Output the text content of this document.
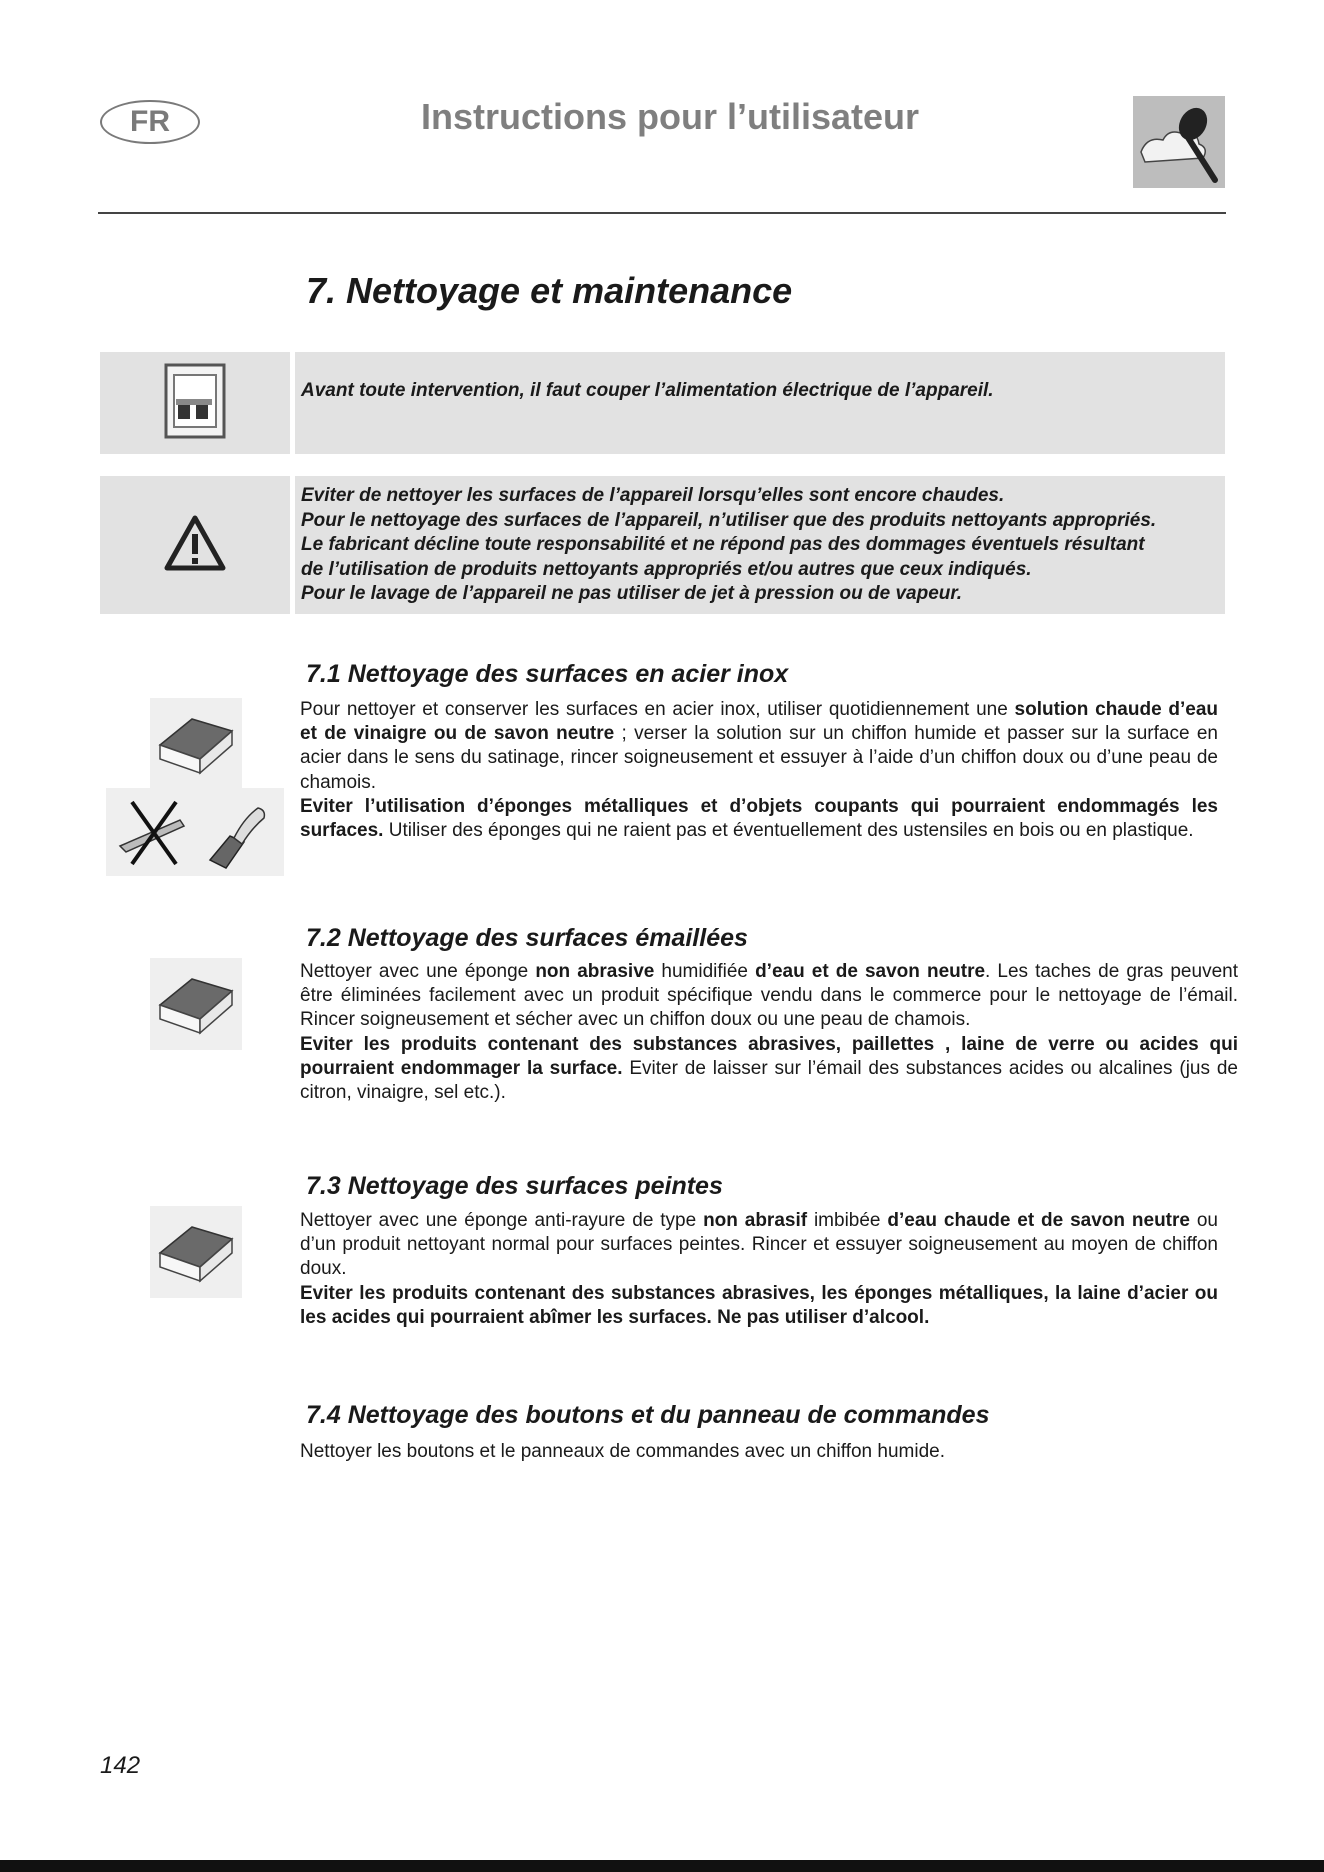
FR	Instructions pour l’utilisateur
7. Nettoyage et maintenance
Avant toute intervention, il faut couper l’alimentation électrique de l’appareil.
Eviter de nettoyer les surfaces de l’appareil lorsqu’elles sont encore chaudes.
Pour le nettoyage des surfaces de l’appareil, n’utiliser que des produits nettoyants appropriés.
Le fabricant décline toute responsabilité et ne répond pas des dommages éventuels résultant
de l’utilisation de produits nettoyants appropriés et/ou autres que ceux indiqués.
Pour le lavage de l’appareil ne pas utiliser de jet à pression ou de vapeur.
7.1 Nettoyage des surfaces en acier inox
Pour nettoyer et conserver les surfaces en acier inox, utiliser quotidiennement une solution chaude d’eau et de vinaigre ou de savon neutre ; verser la solution sur un chiffon humide et passer sur la surface en acier dans le sens du satinage, rincer soigneusement et essuyer à l’aide d’un chiffon doux ou d’une peau de chamois.
Eviter l’utilisation d’éponges métalliques et d’objets coupants qui pourraient endommagés les surfaces. Utiliser des éponges qui ne raient pas et éventuellement des ustensiles en bois ou en plastique.
7.2 Nettoyage des surfaces émaillées
Nettoyer avec une éponge non abrasive humidifiée d’eau et de savon neutre. Les taches de gras peuvent être éliminées facilement avec un produit spécifique vendu dans le commerce pour le nettoyage de l’émail. Rincer soigneusement et sécher avec un chiffon doux ou une peau de chamois.
Eviter les produits contenant des substances abrasives, paillettes , laine de verre ou acides qui pourraient endommager la surface. Eviter de laisser sur l’émail des substances acides ou alcalines (jus de citron, vinaigre, sel etc.).
7.3 Nettoyage des surfaces peintes
Nettoyer avec une éponge anti-rayure de type non abrasif imbibée d’eau chaude et de savon neutre ou d’un produit nettoyant normal pour surfaces peintes. Rincer et essuyer soigneusement au moyen de chiffon doux.
Eviter les produits contenant des substances abrasives, les éponges métalliques, la laine d’acier ou les acides qui pourraient abîmer les surfaces. Ne pas utiliser d’alcool.
7.4 Nettoyage des boutons et du panneau de commandes
Nettoyer les boutons et le panneaux de commandes avec un chiffon humide.
142
